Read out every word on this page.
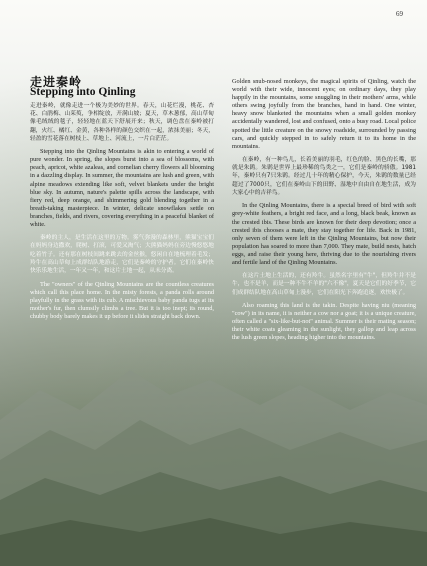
69
走进秦岭
Stepping into Qinling

走进秦岭，就像走进一个极为美妙的世界。春天，山花烂漫，桃花、杏花、白鹃梅、山茱萸，争相绽放，开满山坡；夏天，草木葱郁，高山草甸像毛绒绒的毯子，轻轻地在蓝天下舒展开来；秋天，调色盘在秦岭被打翻，火红、橘红、金黄，各种各样的颜色交织在一起，浓抹美丽；冬天，轻盈的雪花落在树枝上、草地上、河流上，一片白茫茫。

Stepping into the Qinling Mountains is akin to entering a world of pure wonder. In spring, the slopes burst into a sea of blossoms, with peach, apricot, white azaleas, and cornelian cherry flowers all blooming in a dazzling display. In summer, the mountains are lush and green, with alpine meadows extending like soft, velvet blankets under the bright blue sky. In autumn, nature's palette spills across the landscape, with fiery red, deep orange, and shimmering gold blending together in a breath-taking masterpiece. In winter, delicate snowflakes settle on branches, fields, and rivers, covering everything in a peaceful blanket of white.

秦岭的主人，是生活在这里的万物。雾气弥漫的森林里，熊猫宝宝们在妈妈身边撒欢，爬树、打滚，可爱又淘气；大熊猫妈妈在旁边慢悠悠地吃着竹子。还有那在树枝间跳来跳去的金丝猴，悠闲自在地梳理着毛发；羚牛在高山草甸上成群结队地游走，它们是秦岭的守护者。它们在秦岭快快乐乐地生活，一年又一年，和这片土地一起，从未分离。

The "owners" of the Qinling Mountains are the countless creatures which call this place home. In the misty forests, a panda rolls around playfully in the grass with its cub. A mischievous baby panda tugs at its mother's fur, then clumsily climbs a tree. But it is too inept; its round, chubby body barely makes it up before it slides straight back down.

Golden snub-nosed monkeys, the magical spirits of Qinling, watch the world with their wide, innocent eyes; on ordinary days, they play happily in the mountains, some snuggling in their mothers' arms, while others swing joyfully from the branches, hand in hand. One winter, heavy snow blanketed the mountains when a small golden monkey accidentally wandered, lost and confused, onto a busy road. Local police spotted the little creature on the snowy roadside, surrounded by passing cars, and quickly stepped in to safely return it to its home in the mountains.

在秦岭，有一种鸟儿，长着美丽的羽毛，红色的脸、黑色的长嘴，那就是朱鹮。朱鹮是世界上最珍稀的鸟类之一，它们是秦岭的骄傲。1981年，秦岭只有7只朱鹮。经过几十年的精心保护，今天，朱鹮的数量已经超过了7000只，它们在秦岭山下的田野、湿地中自由自在地生活，成为大家心中的吉祥鸟。

In the Qinling Mountains, there is a special breed of bird with soft grey-white feathers, a bright red face, and a long, black beak, known as the crested ibis. These birds are known for their deep devotion; once a crested ibis chooses a mate, they stay together for life. Back in 1981, only seven of them were left in the Qinling Mountains, but now their population has soared to more than 7,000. They mate, build nests, hatch eggs, and raise their young here, thriving due to the nourishing rivers and fertile land of the Qinling Mountains.

在这片土地上生活的，还有羚牛。虽然名字里有"牛"，但羚牛并不是牛，也不是羊，而是一种不牛不羊的"六不像"，夏天是它们的好季节，它们成群结队地在高山草甸上漫步，它们在阳光下奔跑追逐，欢快极了。

Also roaming this land is the takin. Despite having niu (meaning "cow") in its name, it is neither a cow nor a goat; it is a unique creature, often called a "six-like-but-not" animal. Summer is their mating season; their white coats gleaming in the sunlight, they gallop and leap across the lush green slopes, heading higher into the mountains.
